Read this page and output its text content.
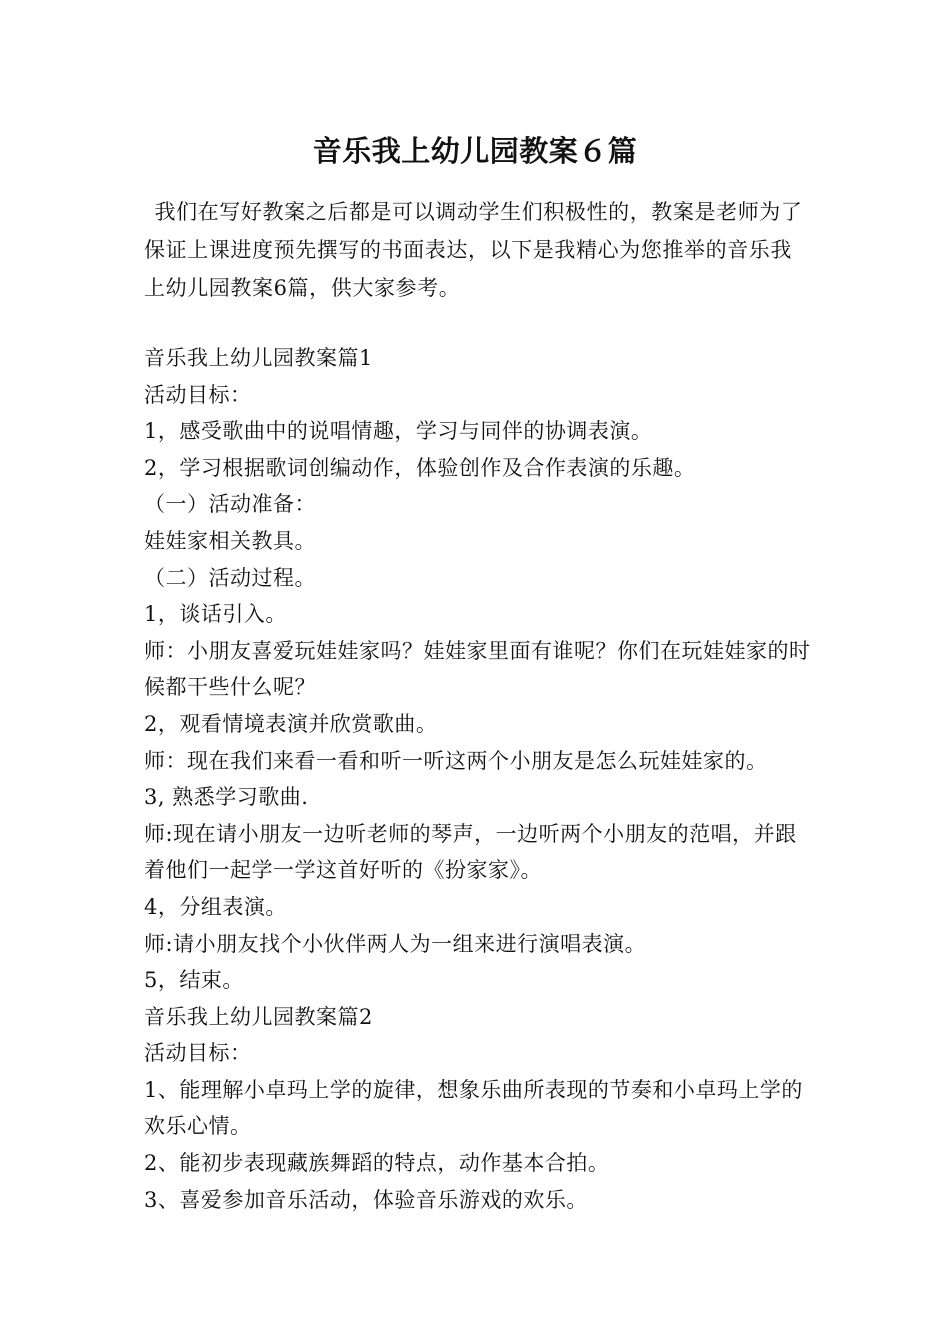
音乐我上幼儿园教案６篇

我们在写好教案之后都是可以调动学生们积极性的，教案是老师为了保证上课进度预先撰写的书面表达，以下是我精心为您推举的音乐我上幼儿园教案6篇，供大家参考。

音乐我上幼儿园教案篇1

活动目标：

1，感受歌曲中的说唱情趣，学习与同伴的协调表演。

2，学习根据歌词创编动作，体验创作及合作表演的乐趣。

（一）活动准备：

娃娃家相关教具。

（二）活动过程。

1，谈话引入。

师：小朋友喜爱玩娃娃家吗？娃娃家里面有谁呢？你们在玩娃娃家的时候都干些什么呢？

2，观看情境表演并欣赏歌曲。

师：现在我们来看一看和听一听这两个小朋友是怎么玩娃娃家的。

3, 熟悉学习歌曲.

师:现在请小朋友一边听老师的琴声，一边听两个小朋友的范唱，并跟着他们一起学一学这首好听的《扮家家》。

4，分组表演。

师:请小朋友找个小伙伴两人为一组来进行演唱表演。

5，结束。

音乐我上幼儿园教案篇2

活动目标：

1、能理解小卓玛上学的旋律，想象乐曲所表现的节奏和小卓玛上学的欢乐心情。

2、能初步表现藏族舞蹈的特点，动作基本合拍。

3、喜爱参加音乐活动，体验音乐游戏的欢乐。
